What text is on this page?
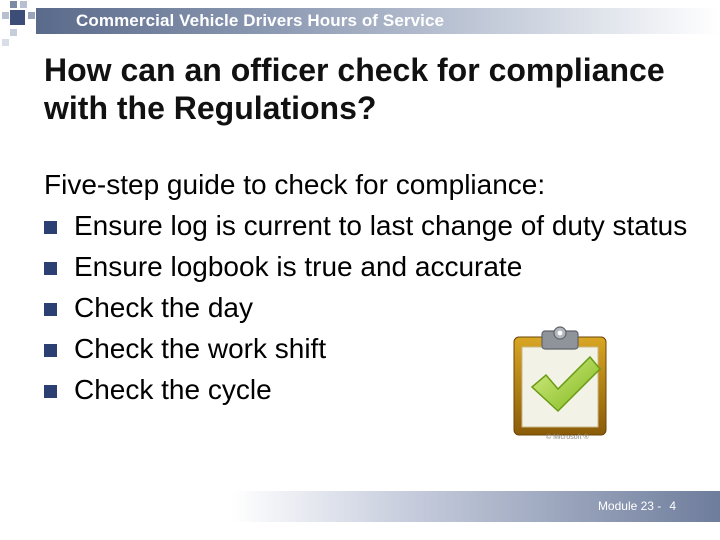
Commercial Vehicle Drivers Hours of Service
How can an officer check for compliance with the Regulations?

Five-step guide to check for compliance:

Ensure log is current to last change of duty status
Ensure logbook is true and accurate
Check the day
Check the work shift
Check the cycle
© Microsoft ®
Module 23 - 4
